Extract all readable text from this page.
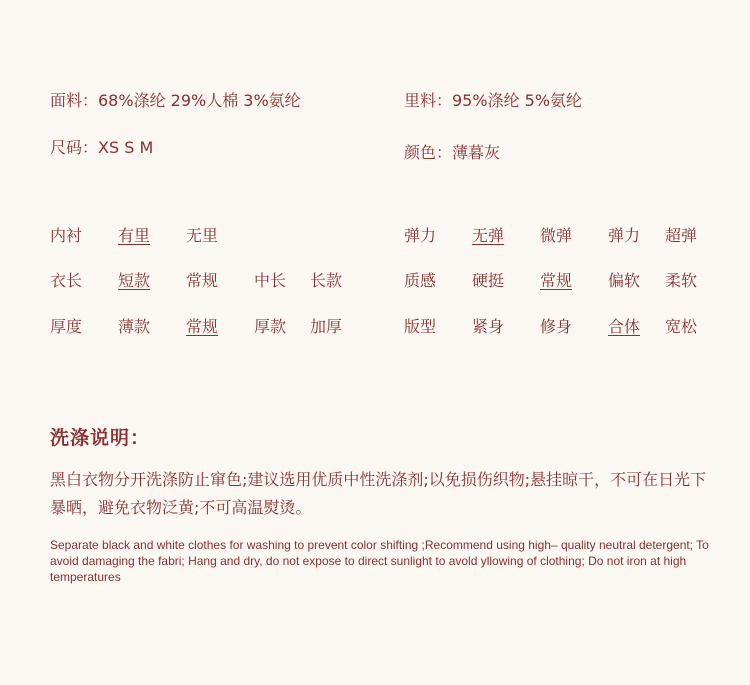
面料：68%涤纶 29%人棉 3%氨纶	里料：95%涤纶 5%氨纶
尺码：XS S M	颜色：薄暮灰
内衬 有里 无里
衣长 短款 常规 中长 长款
厚度 薄款 常规 厚款 加厚
弹力 无弹 微弹 弹力 超弹
质感 硬挺 常规 偏软 柔软
版型 紧身 修身 合体 宽松
洗涤说明：
黑白衣物分开洗涤防止窜色;建议选用优质中性洗涤剂;以免损伤织物;悬挂晾干，不可在日光下暴晒，避免衣物泛黄;不可高温熨烫。
Separate black and white clothes for washing to prevent color shifting ;Recommend using high– quality neutral detergent; To avoid damaging the fabri; Hang and dry, do not expose to direct sunlight to avold yllowing of clothing; Do not iron at high temperatures
